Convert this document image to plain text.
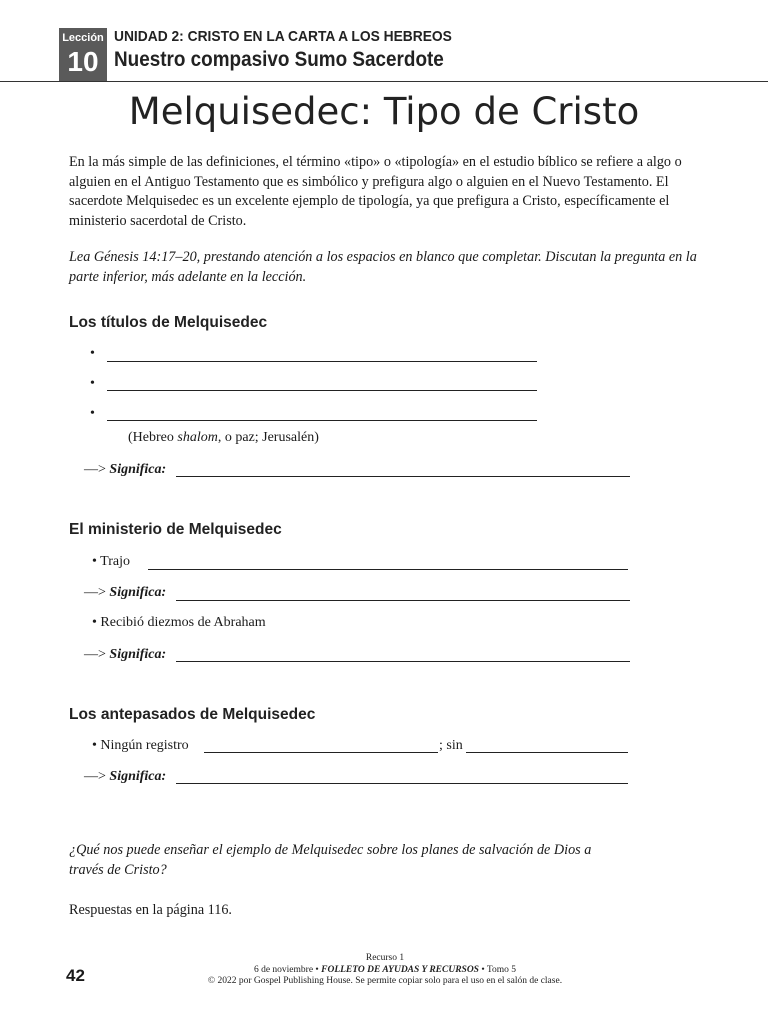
Lección
10
UNIDAD 2: CRISTO EN LA CARTA A LOS HEBREOS
Nuestro compasivo Sumo Sacerdote
Melquisedec: Tipo de Cristo
En la más simple de las definiciones, el término «tipo» o «tipología» en el estudio bíblico se refiere a algo o alguien en el Antiguo Testamento que es simbólico y prefigura algo o alguien en el Nuevo Testamento. El sacerdote Melquisedec es un excelente ejemplo de tipología, ya que prefigura a Cristo, específicamente el ministerio sacerdotal de Cristo.
Lea Génesis 14:17–20, prestando atención a los espacios en blanco que completar. Discutan la pregunta en la parte inferior, más adelante en la lección.
Los títulos de Melquisedec
•
•
•
(Hebreo shalom, o paz; Jerusalén)
—> Significa:
El ministerio de Melquisedec
• Trajo
—> Significa:
• Recibió diezmos de Abraham
—> Significa:
Los antepasados de Melquisedec
• Ningún registro	; sin
—> Significa:
¿Qué nos puede enseñar el ejemplo de Melquisedec sobre los planes de salvación de Dios a través de Cristo?
Respuestas en la página 116.
Recurso 1
6 de noviembre • FOLLETO DE AYUDAS Y RECURSOS • Tomo 5
© 2022 por Gospel Publishing House. Se permite copiar solo para el uso en el salón de clase.
42
